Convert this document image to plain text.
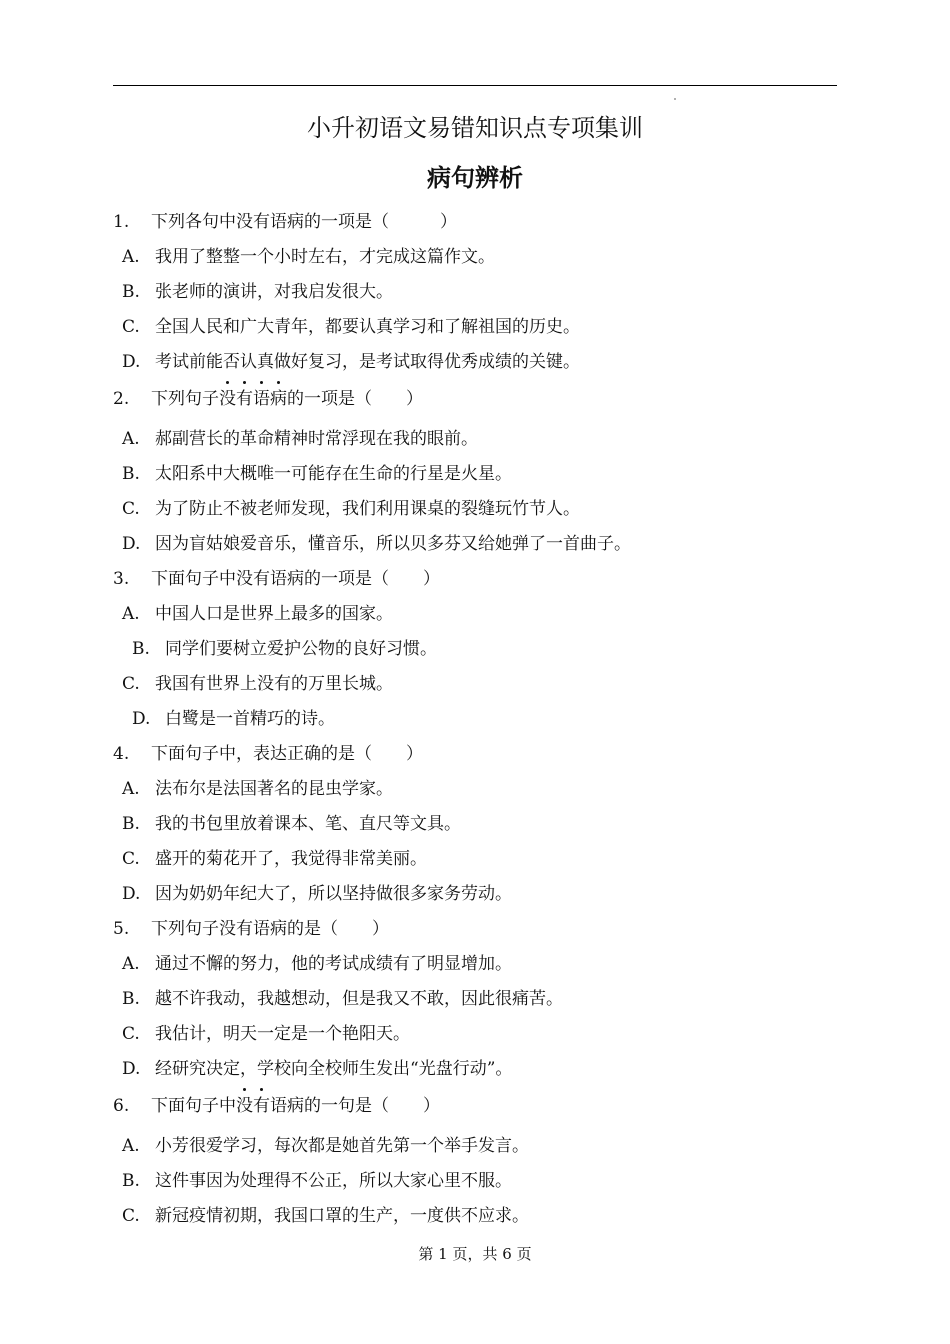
小升初语文易错知识点专项集训
病句辨析
1. 下列各句中没有语病的一项是（　　　）
A. 我用了整整一个小时左右，才完成这篇作文。
B. 张老师的演讲，对我启发很大。
C. 全国人民和广大青年，都要认真学习和了解祖国的历史。
D. 考试前能否认真做好复习，是考试取得优秀成绩的关键。
2. 下列句子没有语病的一项是（　　）
A. 郝副营长的革命精神时常浮现在我的眼前。
B. 太阳系中大概唯一可能存在生命的行星是火星。
C. 为了防止不被老师发现，我们利用课桌的裂缝玩竹节人。
D. 因为盲姑娘爱音乐，懂音乐，所以贝多芬又给她弹了一首曲子。
3. 下面句子中没有语病的一项是（　　）
A. 中国人口是世界上最多的国家。
B. 同学们要树立爱护公物的良好习惯。
C. 我国有世界上没有的万里长城。
D. 白鹭是一首精巧的诗。
4. 下面句子中，表达正确的是（　　）
A. 法布尔是法国著名的昆虫学家。
B. 我的书包里放着课本、笔、直尺等文具。
C. 盛开的菊花开了，我觉得非常美丽。
D. 因为奶奶年纪大了，所以坚持做很多家务劳动。
5. 下列句子没有语病的是（　　）
A. 通过不懈的努力，他的考试成绩有了明显增加。
B. 越不许我动，我越想动，但是我又不敢，因此很痛苦。
C. 我估计，明天一定是一个艳阳天。
D. 经研究决定，学校向全校师生发出“光盘行动”。
6. 下面句子中没有语病的一句是（　　）
A. 小芳很爱学习，每次都是她首先第一个举手发言。
B. 这件事因为处理得不公正，所以大家心里不服。
C. 新冠疫情初期，我国口罩的生产，一度供不应求。
第 1 页，共 6 页
